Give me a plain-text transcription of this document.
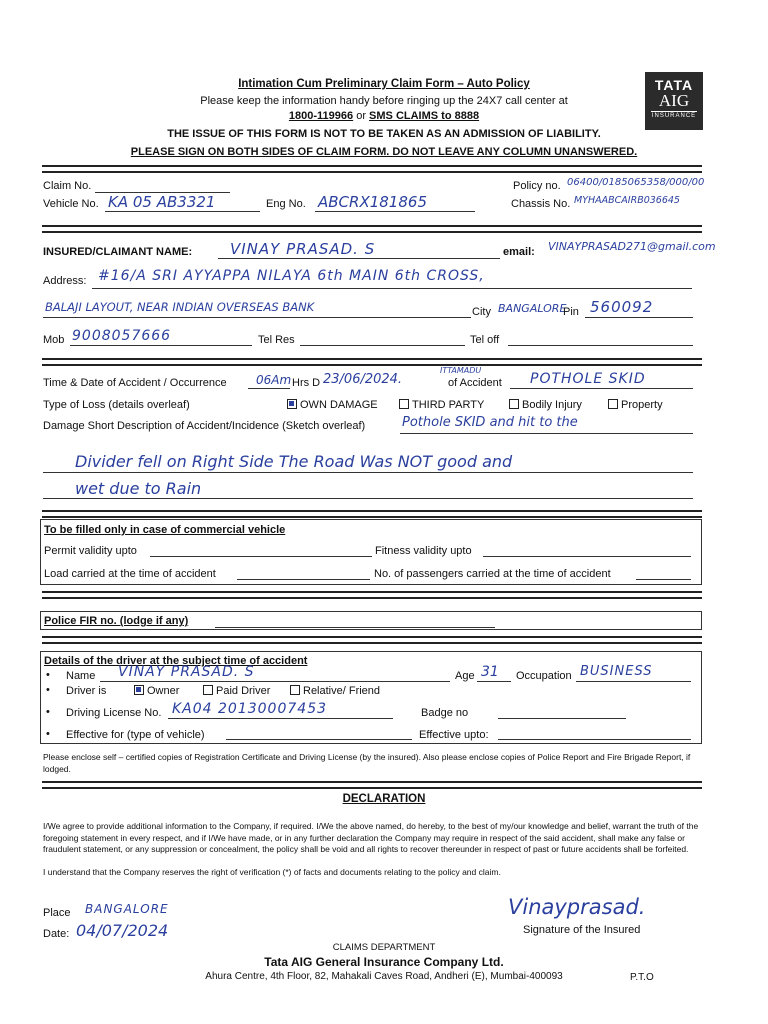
Intimation Cum Preliminary Claim Form – Auto Policy
Please keep the information handy before ringing up the 24X7 call center at
1800-119966 or SMS CLAIMS to 8888
THE ISSUE OF THIS FORM IS NOT TO BE TAKEN AS AN ADMISSION OF LIABILITY.
PLEASE SIGN ON BOTH SIDES OF CLAIM FORM. DO NOT LEAVE ANY COLUMN UNANSWERED.
TATA
AIG
INSURANCE
Claim No.	Policy no. 06400/0185065358/000/00
Vehicle No. KA 05 AB3321	Eng No. ABCRX181865	Chassis No. MYHAABCAIRB036645
INSURED/CLAIMANT NAME:	VINAY PRASAD. S	email: VINAYPRASAD271@gmail.com
Address: #16/A SRI AYYAPPA NILAYA 6th MAIN 6th CROSS,
BALAJI LAYOUT, NEAR INDIAN OVERSEAS BANK	City BANGALORE
Pin 560092
Mob 9008057666	Tel Res	Tel off
Time & Date of Accident / Occurrence 06Am Hrs D 23/06/2024.
ITTAMADU
of Accident POTHOLE SKID
Type of Loss (details overleaf)	OWN DAMAGE	THIRD PARTY	Bodily Injury	Property
Damage Short Description of Accident/Incidence (Sketch overleaf)	Pothole SKID and hit to the
Divider fell on Right Side The Road Was NOT good and
wet due to Rain
To be filled only in case of commercial vehicle
Permit validity upto	Fitness validity upto
Load carried at the time of accident	No. of passengers carried at the time of accident
Police FIR no. (lodge if any)
Details of the driver at the subject time of accident
• Name VINAY PRASAD. S	Age 31 Occupation BUSINESS
• Driver is	Owner	Paid Driver	Relative/ Friend
• Driving License No. KA04 20130007453	Badge no
• Effective for (type of vehicle)	Effective upto:
Please enclose self – certified copies of Registration Certificate and Driving License (by the insured). Also please enclose copies of Police Report and Fire Brigade Report, if lodged.
DECLARATION
I/We agree to provide additional information to the Company, if required. I/We the above named, do hereby, to the best of my/our knowledge and belief, warrant the truth of the foregoing statement in every respect, and if I/We have made, or in any further declaration the Company may require in respect of the said accident, shall make any false or fraudulent statement, or any suppression or concealment, the policy shall be void and all rights to recover thereunder in respect of past or future accidents shall be forfeited.
I understand that the Company reserves the right of verification (*) of facts and documents relating to the policy and claim.
Place BANGALORE
Date: 04/07/2024
Vinayprasad.
Signature of the Insured
CLAIMS DEPARTMENT
Tata AIG General Insurance Company Ltd.
Ahura Centre, 4th Floor, 82, Mahakali Caves Road, Andheri (E), Mumbai-400093	P.T.O
